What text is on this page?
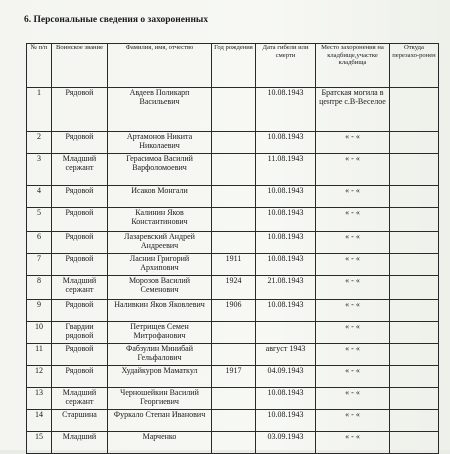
6. Персональные сведения о захороненных
№ п/п	Воинское звание	Фамилия, имя, отчество	Год рождения	Дата гибели или смерти	Место захоронения на кладбище,участке кладбища	Откуда перезахо-ронен
1	Рядовой	Авдеев Поликарп Васильевич		10.08.1943	Братская могила в центре с.В-Веселое	
2	Рядовой	Артамонов Никита Николаевич		10.08.1943	« - «	
3	Младший сержант	Герасимоа Василий Варфоломоевич		11.08.1943	« - «	
4	Рядовой	Исаков Монгали		10.08.1943	« - «	
5	Рядовой	Калинин Яков Константинович		10.08.1943	« - «	
6	Рядовой	Лазаревский Андрей Андреевич		10.08.1943	« - «	
7	Рядовой	Ласнин Григорий Архипович	1911	10.08.1943	« - «	
8	Младший сержант	Морозов Василий Семенович	1924	21.08.1943	« - «	
9	Рядовой	Наливкин Яков Яковлевич	1906	10.08.1943	« - «	
10	Гвардии рядовой	Петрищев Семен Митрофанович			« - «	
11	Рядовой	Фабзулин Минибай Гельфалович		август 1943	« - «	
12	Рядовой	Худайкуров Маматкул	1917	04.09.1943	« - «	
13	Младший сержант	Черношейкин Василий Георгиевич		10.08.1943	« - «	
14	Старшина	Фуркало Степан Иванович		10.08.1943	« - «	
15	Младший	Марченко		03.09.1943	« - «	
